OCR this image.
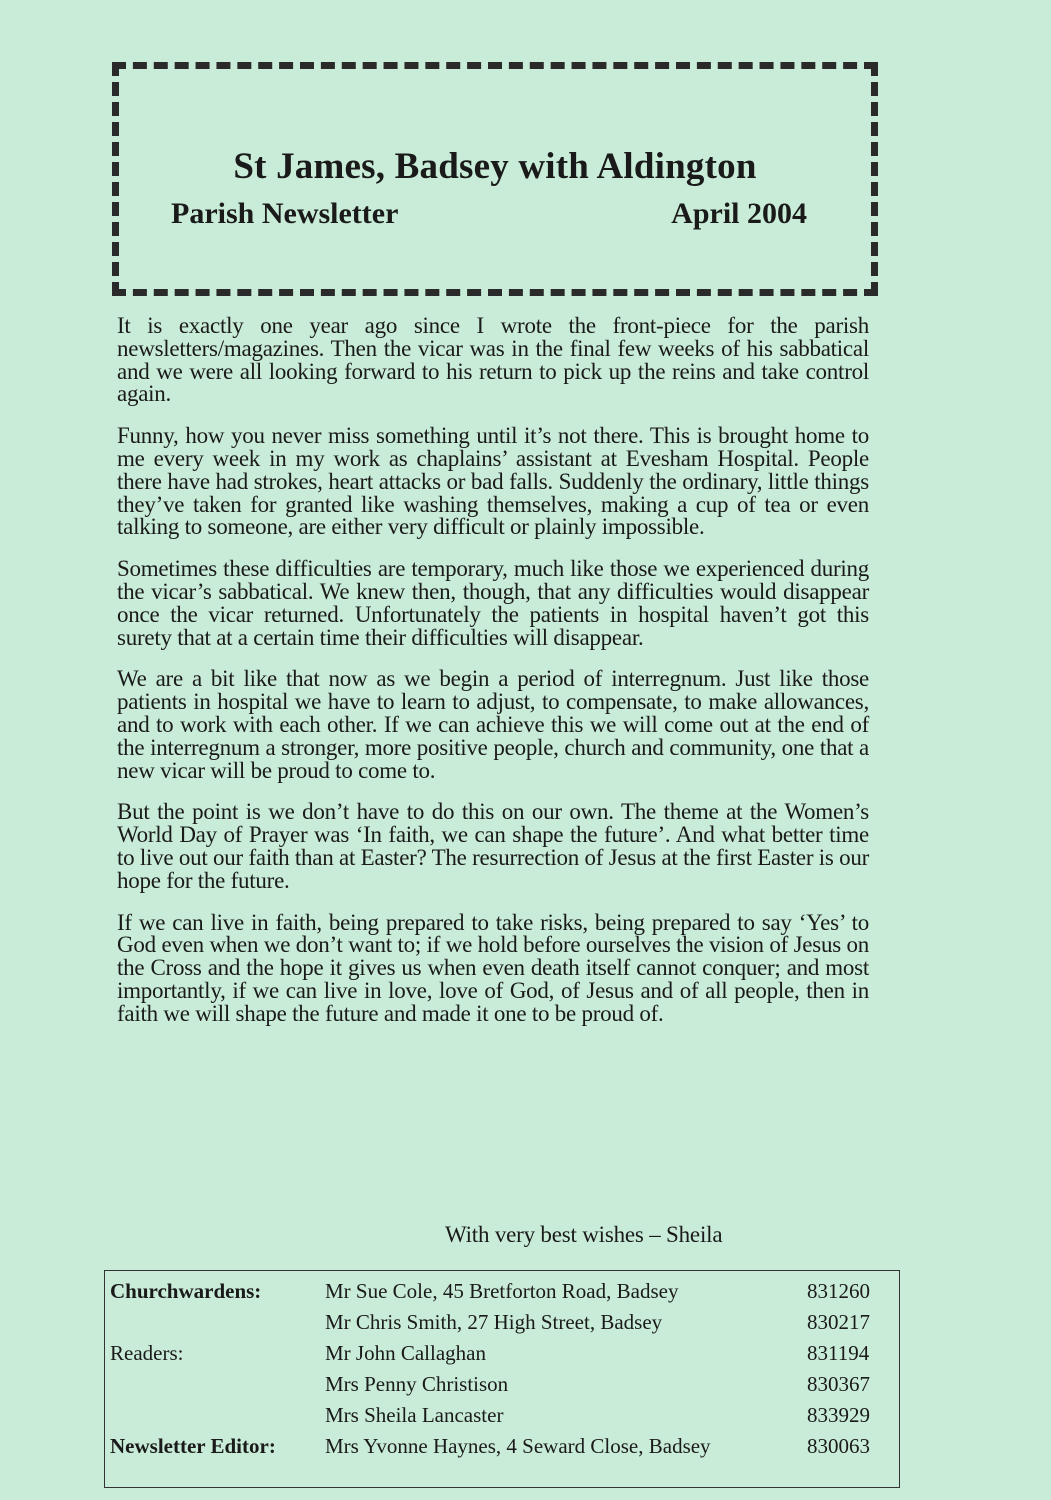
St James, Badsey with Aldington
Parish Newsletter	April 2004

It is exactly one year ago since I wrote the front-piece for the parish newsletters/magazines. Then the vicar was in the final few weeks of his sabbatical and we were all looking forward to his return to pick up the reins and take control again.

Funny, how you never miss something until it’s not there. This is brought home to me every week in my work as chaplains’ assistant at Evesham Hospital. People there have had strokes, heart attacks or bad falls. Suddenly the ordinary, little things they’ve taken for granted like washing themselves, making a cup of tea or even talking to someone, are either very difficult or plainly impossible.

Sometimes these difficulties are temporary, much like those we experienced during the vicar’s sabbatical. We knew then, though, that any difficulties would disappear once the vicar returned. Unfortunately the patients in hospital haven’t got this surety that at a certain time their difficulties will disappear.

We are a bit like that now as we begin a period of interregnum. Just like those patients in hospital we have to learn to adjust, to compensate, to make allowances, and to work with each other. If we can achieve this we will come out at the end of the interregnum a stronger, more positive people, church and community, one that a new vicar will be proud to come to.

But the point is we don’t have to do this on our own. The theme at the Women’s World Day of Prayer was ‘In faith, we can shape the future’. And what better time to live out our faith than at Easter? The resurrection of Jesus at the first Easter is our hope for the future.

If we can live in faith, being prepared to take risks, being prepared to say ‘Yes’ to God even when we don’t want to; if we hold before ourselves the vision of Jesus on the Cross and the hope it gives us when even death itself cannot conquer; and most importantly, if we can live in love, love of God, of Jesus and of all people, then in faith we will shape the future and made it one to be proud of.

With very best wishes – Sheila
Churchwardens:	Mr Sue Cole, 45 Bretforton Road, Badsey	831260
	Mr Chris Smith, 27 High Street, Badsey	830217
Readers:	Mr John Callaghan	831194
	Mrs Penny Christison	830367
	Mrs Sheila Lancaster	833929
Newsletter Editor:	Mrs Yvonne Haynes, 4 Seward Close, Badsey	830063
